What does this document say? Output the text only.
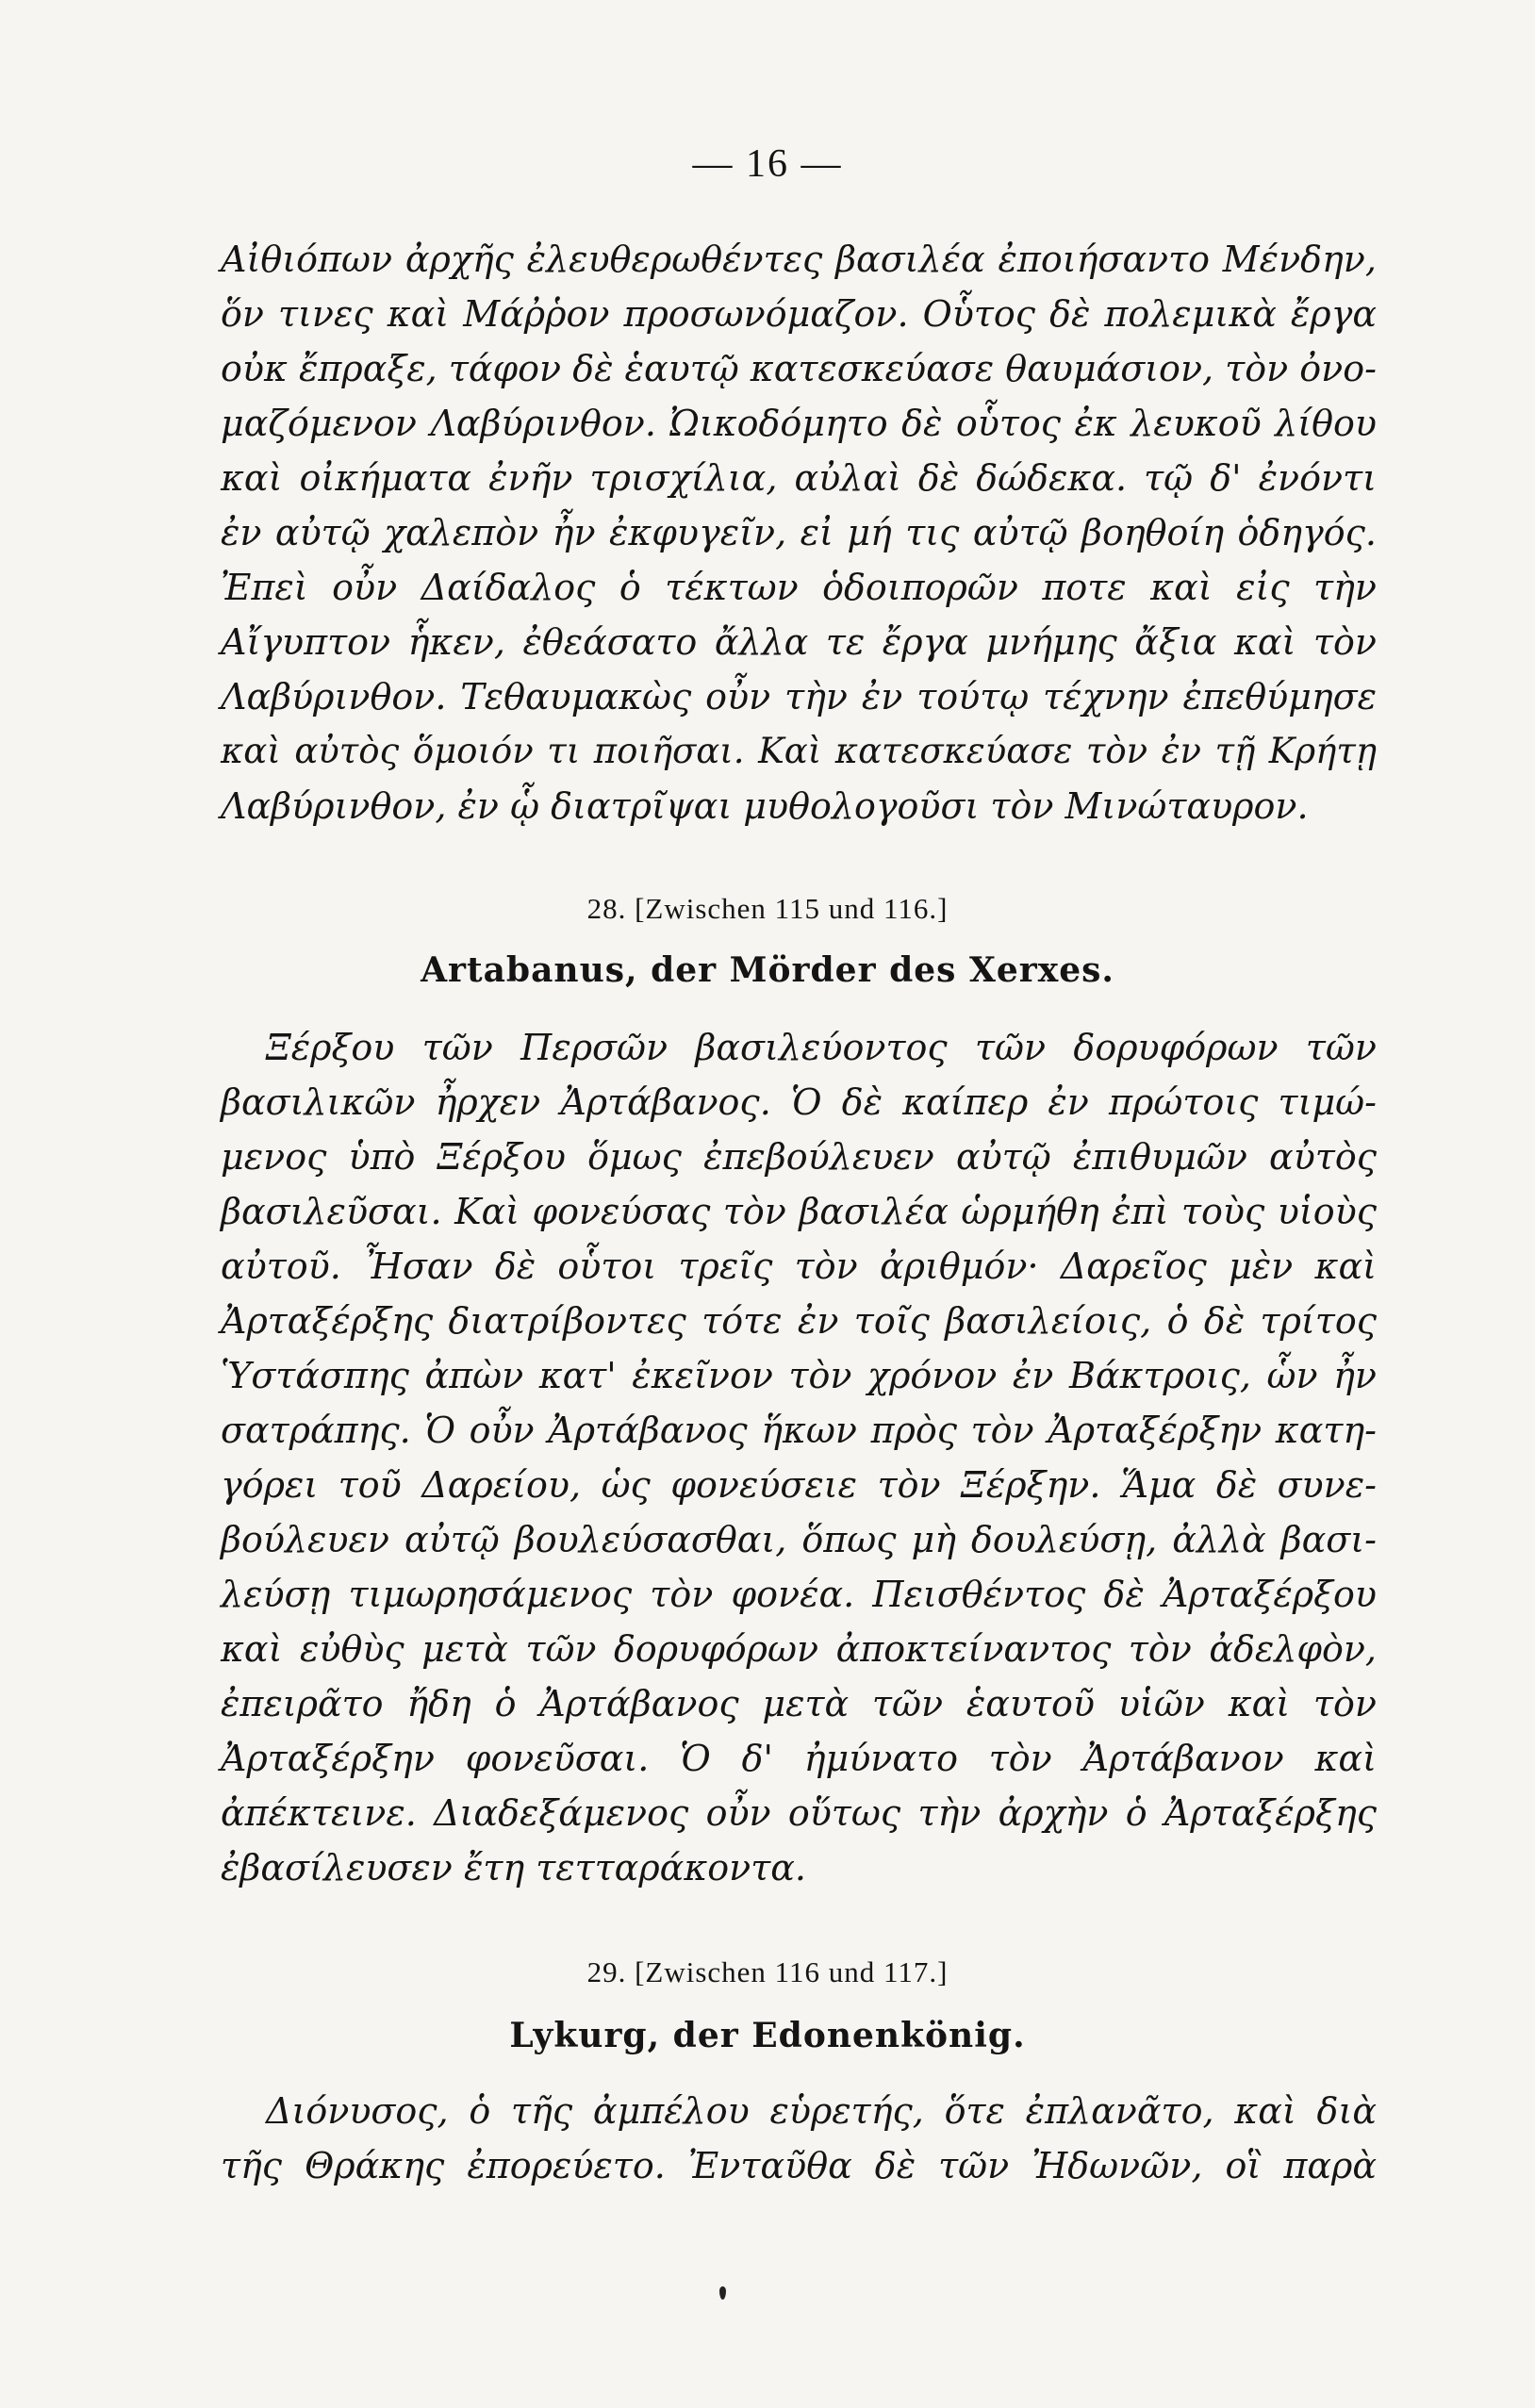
— 16 —
Αἰθιόπων ἀρχῆς ἐλευθερωθέντες βασιλέα ἐποιήσαντο Μένδην,
ὅν τινες καὶ Μάῤῥον προσωνόμαζον. Οὗτος δὲ πολεμικὰ ἔργα
οὐκ ἔπραξε, τάφον δὲ ἑαυτῷ κατεσκεύασε θαυμάσιον, τὸν ὀνο-
μαζόμενον Λαβύρινθον. Ὠικοδόμητο δὲ οὗτος ἐκ λευκοῦ λίθου
καὶ οἰκήματα ἐνῆν τρισχίλια, αὐλαὶ δὲ δώδεκα. τῷ δ' ἐνόντι
ἐν αὐτῷ χαλεπὸν ἦν ἐκφυγεῖν, εἰ μή τις αὐτῷ βοηθοίη ὁδηγός.
Ἐπεὶ οὖν Δαίδαλος ὁ τέκτων ὁδοιπορῶν ποτε καὶ εἰς τὴν
Αἴγυπτον ἧκεν, ἐθεάσατο ἄλλα τε ἔργα μνήμης ἄξια καὶ τὸν
Λαβύρινθον. Τεθαυμακὼς οὖν τὴν ἐν τούτῳ τέχνην ἐπεθύμησε
καὶ αὐτὸς ὅμοιόν τι ποιῆσαι. Καὶ κατεσκεύασε τὸν ἐν τῇ Κρήτῃ
Λαβύρινθον, ἐν ᾧ διατρῖψαι μυθολογοῦσι τὸν Μινώταυρον.
28. [Zwischen 115 und 116.]
Artabanus, der Mörder des Xerxes.
Ξέρξου τῶν Περσῶν βασιλεύοντος τῶν δορυφόρων τῶν
βασιλικῶν ἦρχεν Ἀρτάβανος. Ὁ δὲ καίπερ ἐν πρώτοις τιμώ-
μενος ὑπὸ Ξέρξου ὅμως ἐπεβούλευεν αὐτῷ ἐπιθυμῶν αὐτὸς
βασιλεῦσαι. Καὶ φονεύσας τὸν βασιλέα ὡρμήθη ἐπὶ τοὺς υἱοὺς
αὐτοῦ. Ἦσαν δὲ οὗτοι τρεῖς τὸν ἀριθμόν· Δαρεῖος μὲν καὶ
Ἀρταξέρξης διατρίβοντες τότε ἐν τοῖς βασιλείοις, ὁ δὲ τρίτος
Ὑστάσπης ἀπὼν κατ' ἐκεῖνον τὸν χρόνον ἐν Βάκτροις, ὧν ἦν
σατράπης. Ὁ οὖν Ἀρτάβανος ἥκων πρὸς τὸν Ἀρταξέρξην κατη-
γόρει τοῦ Δαρείου, ὡς φονεύσειε τὸν Ξέρξην. Ἅμα δὲ συνε-
βούλευεν αὐτῷ βουλεύσασθαι, ὅπως μὴ δουλεύσῃ, ἀλλὰ βασι-
λεύσῃ τιμωρησάμενος τὸν φονέα. Πεισθέντος δὲ Ἀρταξέρξου
καὶ εὐθὺς μετὰ τῶν δορυφόρων ἀποκτείναντος τὸν ἀδελφὸν,
ἐπειρᾶτο ἤδη ὁ Ἀρτάβανος μετὰ τῶν ἑαυτοῦ υἱῶν καὶ τὸν
Ἀρταξέρξην φονεῦσαι. Ὁ δ' ἠμύνατο τὸν Ἀρτάβανον καὶ
ἀπέκτεινε. Διαδεξάμενος οὖν οὕτως τὴν ἀρχὴν ὁ Ἀρταξέρξης
ἐβασίλευσεν ἔτη τετταράκοντα.
29. [Zwischen 116 und 117.]
Lykurg, der Edonenkönig.
Διόνυσος, ὁ τῆς ἀμπέλου εὑρετής, ὅτε ἐπλανᾶτο, καὶ διὰ
τῆς Θράκης ἐπορεύετο. Ἐνταῦθα δὲ τῶν Ἠδωνῶν, οἳ παρὰ
